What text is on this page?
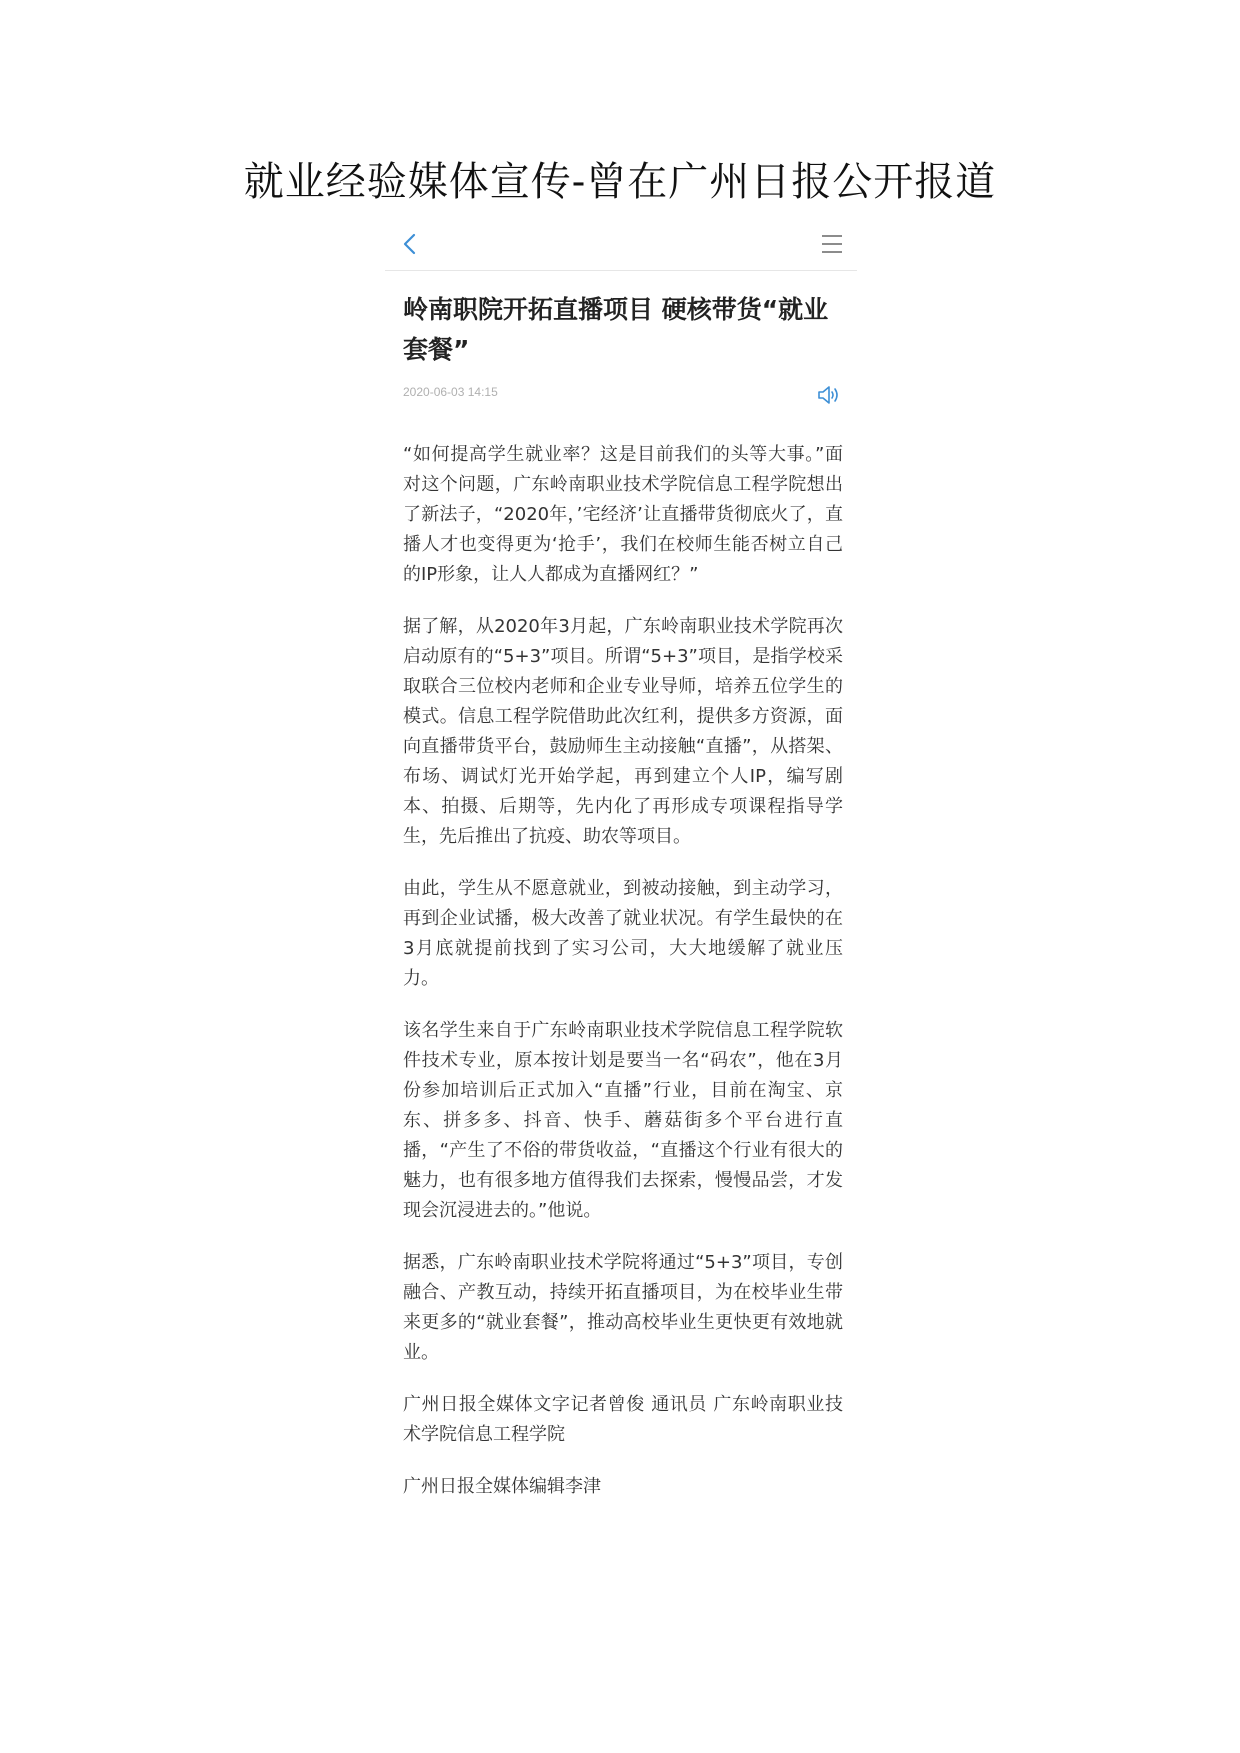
就业经验媒体宣传-曾在广州日报公开报道
岭南职院开拓直播项目 硬核带货“就业套餐”
2020-06-03 14:15

“如何提高学生就业率？这是目前我们的头等大事。”面对这个问题，广东岭南职业技术学院信息工程学院想出了新法子，“2020年，’宅经济’让直播带货彻底火了，直播人才也变得更为‘抢手’，我们在校师生能否树立自己的IP形象，让人人都成为直播网红？”

据了解，从2020年3月起，广东岭南职业技术学院再次启动原有的“5+3”项目。所谓“5+3”项目，是指学校采取联合三位校内老师和企业专业导师，培养五位学生的模式。信息工程学院借助此次红利，提供多方资源，面向直播带货平台，鼓励师生主动接触“直播”，从搭架、布场、调试灯光开始学起，再到建立个人IP，编写剧本、拍摄、后期等，先内化了再形成专项课程指导学生，先后推出了抗疫、助农等项目。

由此，学生从不愿意就业，到被动接触，到主动学习，再到企业试播，极大改善了就业状况。有学生最快的在3月底就提前找到了实习公司，大大地缓解了就业压力。

该名学生来自于广东岭南职业技术学院信息工程学院软件技术专业，原本按计划是要当一名“码农”，他在3月份参加培训后正式加入“直播”行业，目前在淘宝、京东、拼多多、抖音、快手、蘑菇街多个平台进行直播，“产生了不俗的带货收益，“直播这个行业有很大的魅力，也有很多地方值得我们去探索，慢慢品尝，才发现会沉浸进去的。”他说。

据悉，广东岭南职业技术学院将通过“5+3”项目，专创融合、产教互动，持续开拓直播项目，为在校毕业生带来更多的“就业套餐”，推动高校毕业生更快更有效地就业。

广州日报全媒体文字记者曾俊 通讯员 广东岭南职业技术学院信息工程学院

广州日报全媒体编辑李津
